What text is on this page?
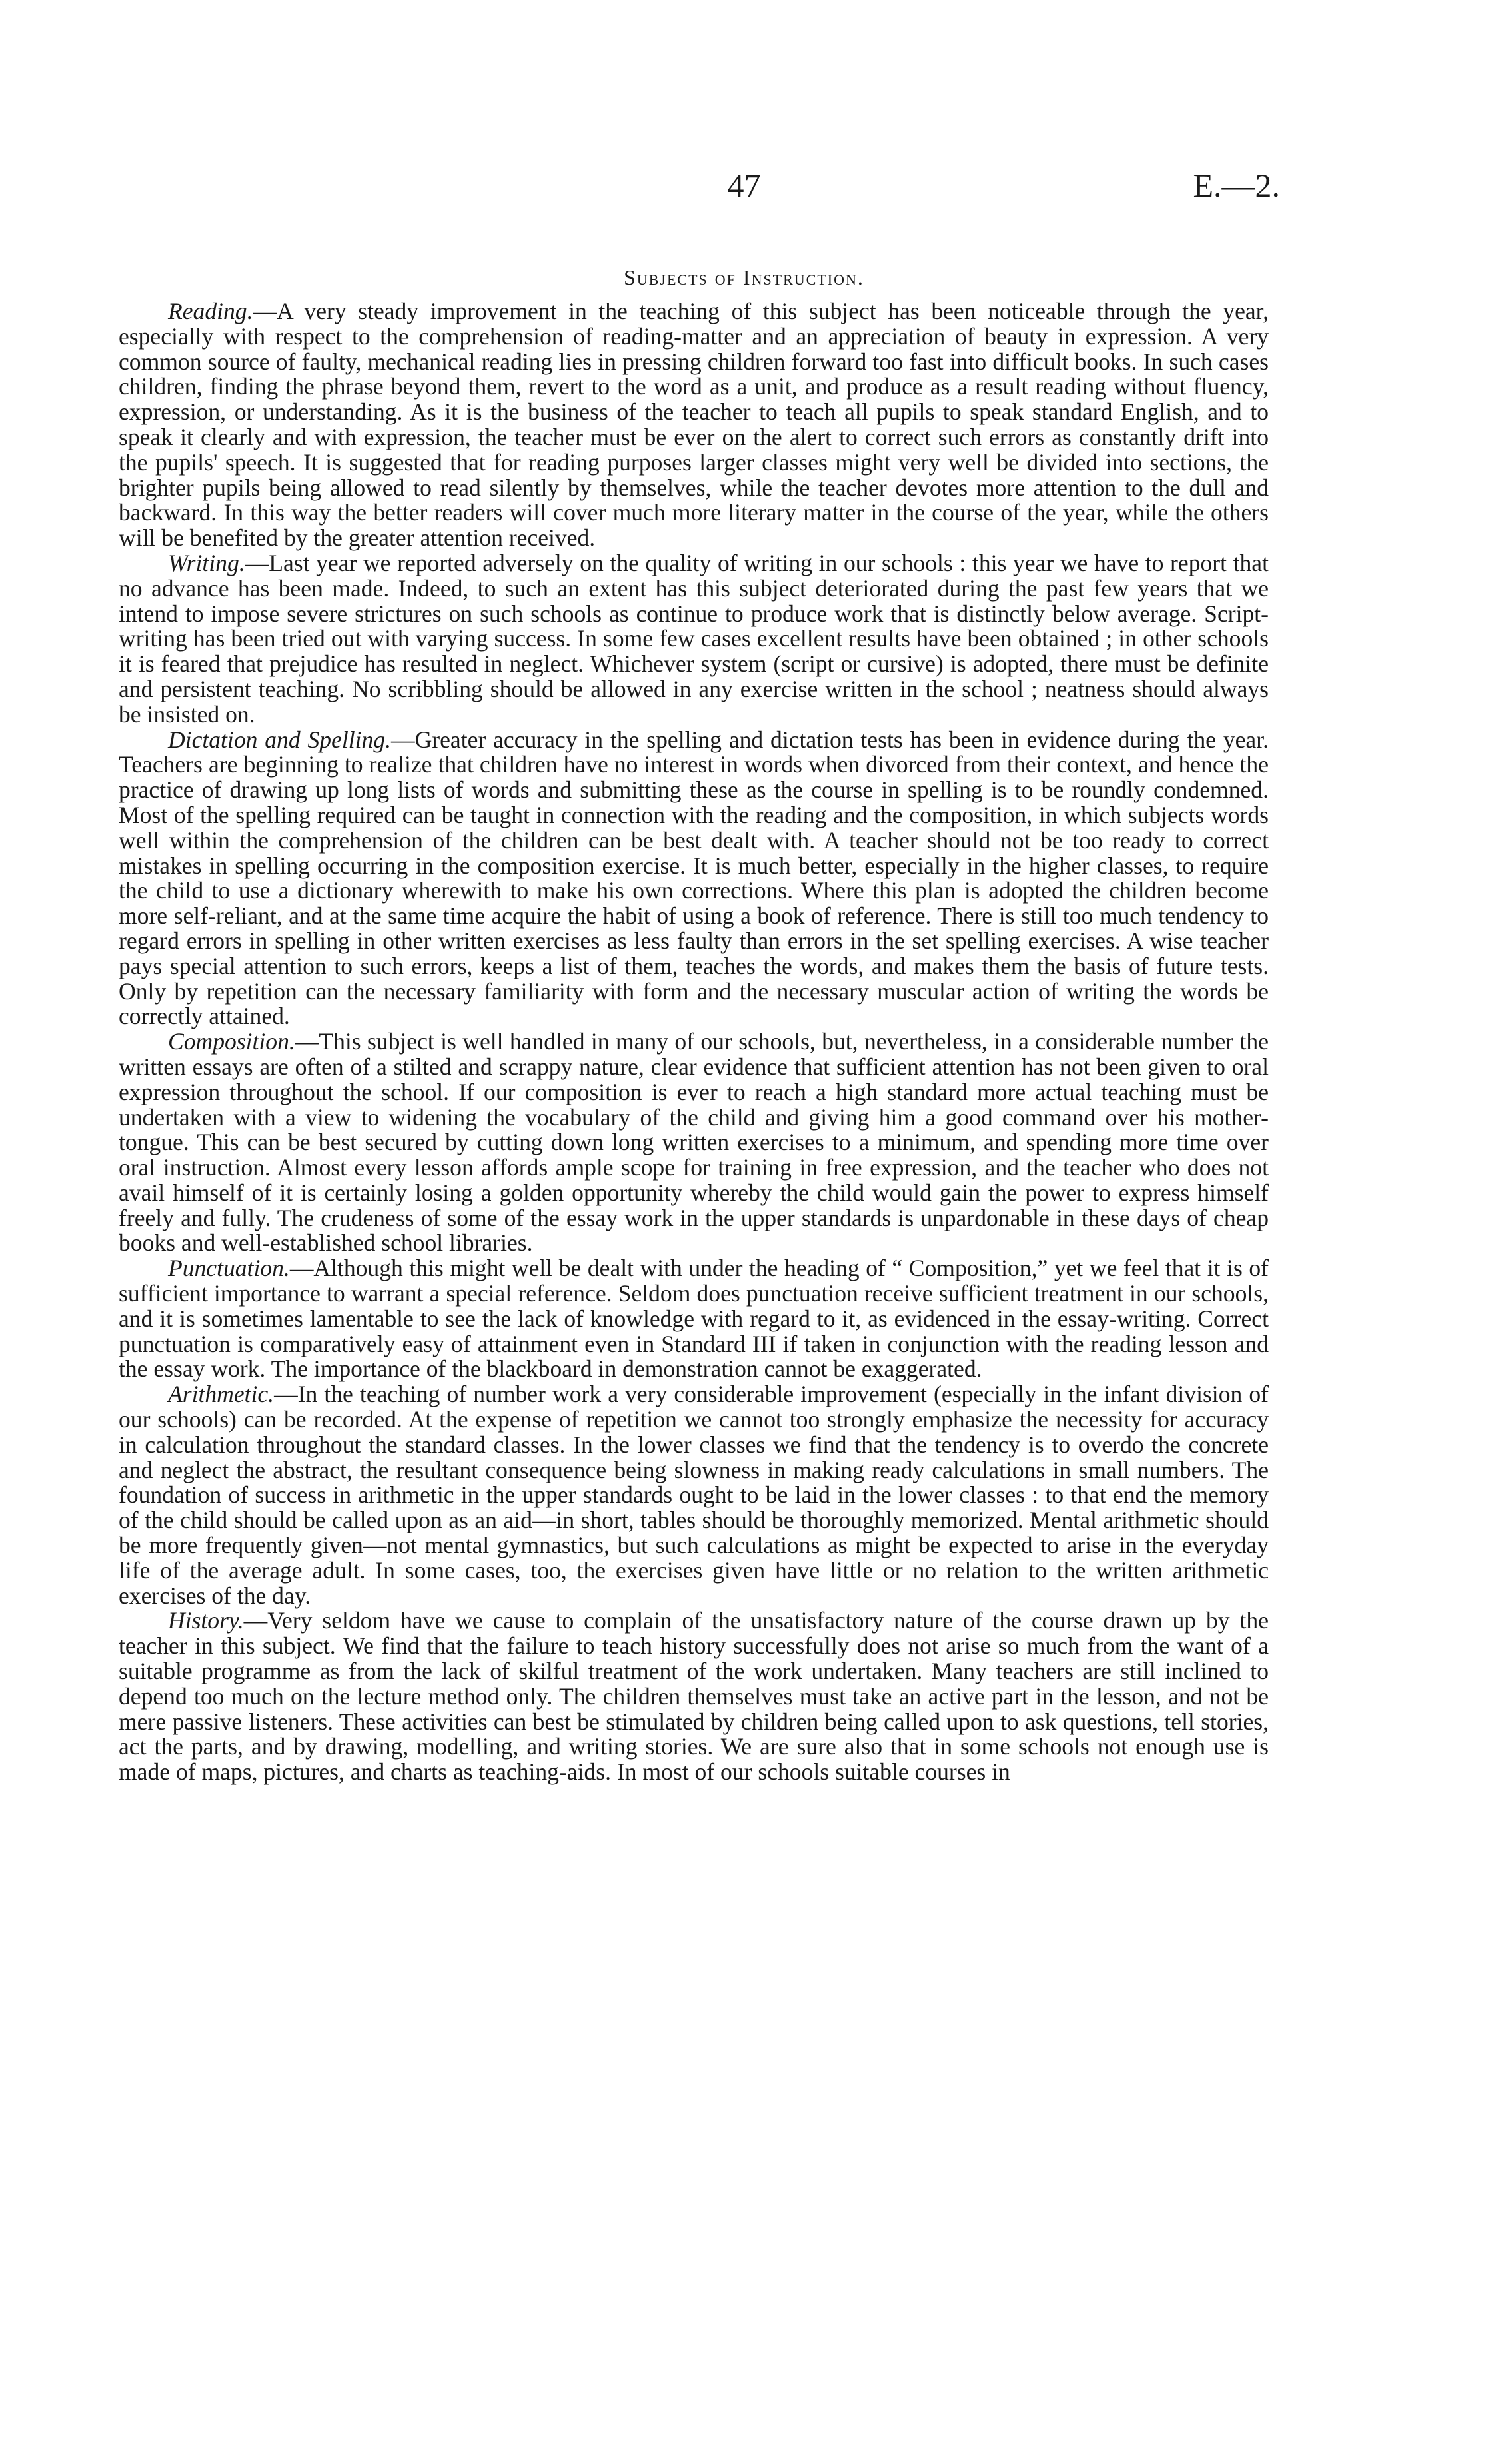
47	E.—2.
Subjects of Instruction.

Reading.—A very steady improvement in the teaching of this subject has been noticeable through the year, especially with respect to the comprehension of reading-matter and an appreciation of beauty in expression. A very common source of faulty, mechanical reading lies in pressing children forward too fast into difficult books. In such cases children, finding the phrase beyond them, revert to the word as a unit, and produce as a result reading without fluency, expression, or understanding. As it is the business of the teacher to teach all pupils to speak standard English, and to speak it clearly and with expression, the teacher must be ever on the alert to correct such errors as constantly drift into the pupils' speech. It is suggested that for reading purposes larger classes might very well be divided into sections, the brighter pupils being allowed to read silently by themselves, while the teacher devotes more attention to the dull and backward. In this way the better readers will cover much more literary matter in the course of the year, while the others will be benefited by the greater attention received.

Writing.—Last year we reported adversely on the quality of writing in our schools : this year we have to report that no advance has been made. Indeed, to such an extent has this subject deteriorated during the past few years that we intend to impose severe strictures on such schools as continue to produce work that is distinctly below average. Script-writing has been tried out with varying success. In some few cases excellent results have been obtained ; in other schools it is feared that prejudice has resulted in neglect. Whichever system (script or cursive) is adopted, there must be definite and persistent teaching. No scribbling should be allowed in any exercise written in the school ; neatness should always be insisted on.

Dictation and Spelling.—Greater accuracy in the spelling and dictation tests has been in evidence during the year. Teachers are beginning to realize that children have no interest in words when divorced from their context, and hence the practice of drawing up long lists of words and submitting these as the course in spelling is to be roundly condemned. Most of the spelling required can be taught in connection with the reading and the composition, in which subjects words well within the comprehension of the children can be best dealt with. A teacher should not be too ready to correct mistakes in spelling occurring in the composition exercise. It is much better, especially in the higher classes, to require the child to use a dictionary wherewith to make his own corrections. Where this plan is adopted the children become more self-reliant, and at the same time acquire the habit of using a book of reference. There is still too much tendency to regard errors in spelling in other written exercises as less faulty than errors in the set spelling exercises. A wise teacher pays special attention to such errors, keeps a list of them, teaches the words, and makes them the basis of future tests. Only by repetition can the necessary familiarity with form and the necessary muscular action of writing the words be correctly attained.

Composition.—This subject is well handled in many of our schools, but, nevertheless, in a considerable number the written essays are often of a stilted and scrappy nature, clear evidence that sufficient attention has not been given to oral expression throughout the school. If our composition is ever to reach a high standard more actual teaching must be undertaken with a view to widening the vocabulary of the child and giving him a good command over his mother-tongue. This can be best secured by cutting down long written exercises to a minimum, and spending more time over oral instruction. Almost every lesson affords ample scope for training in free expression, and the teacher who does not avail himself of it is certainly losing a golden opportunity whereby the child would gain the power to express himself freely and fully. The crudeness of some of the essay work in the upper standards is unpardonable in these days of cheap books and well-established school libraries.

Punctuation.—Although this might well be dealt with under the heading of “ Composition,” yet we feel that it is of sufficient importance to warrant a special reference. Seldom does punctuation receive sufficient treatment in our schools, and it is sometimes lamentable to see the lack of knowledge with regard to it, as evidenced in the essay-writing. Correct punctuation is comparatively easy of attainment even in Standard III if taken in conjunction with the reading lesson and the essay work. The importance of the blackboard in demonstration cannot be exaggerated.

Arithmetic.—In the teaching of number work a very considerable improvement (especially in the infant division of our schools) can be recorded. At the expense of repetition we cannot too strongly emphasize the necessity for accuracy in calculation throughout the standard classes. In the lower classes we find that the tendency is to overdo the concrete and neglect the abstract, the resultant consequence being slowness in making ready calculations in small numbers. The foundation of success in arithmetic in the upper standards ought to be laid in the lower classes : to that end the memory of the child should be called upon as an aid—in short, tables should be thoroughly memorized. Mental arithmetic should be more frequently given—not mental gymnastics, but such calculations as might be expected to arise in the everyday life of the average adult. In some cases, too, the exercises given have little or no relation to the written arithmetic exercises of the day.

History.—Very seldom have we cause to complain of the unsatisfactory nature of the course drawn up by the teacher in this subject. We find that the failure to teach history successfully does not arise so much from the want of a suitable programme as from the lack of skilful treatment of the work undertaken. Many teachers are still inclined to depend too much on the lecture method only. The children themselves must take an active part in the lesson, and not be mere passive listeners. These activities can best be stimulated by children being called upon to ask questions, tell stories, act the parts, and by drawing, modelling, and writing stories. We are sure also that in some schools not enough use is made of maps, pictures, and charts as teaching-aids. In most of our schools suitable courses in
